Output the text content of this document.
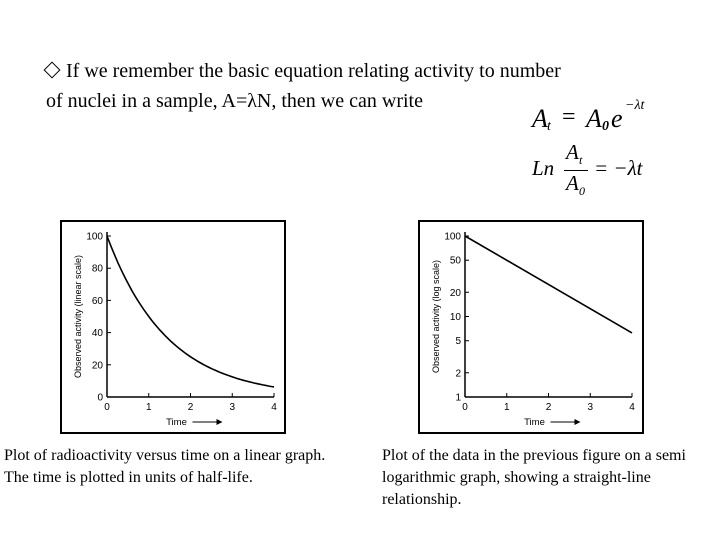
If we remember the basic equation relating activity to number
of nuclei in a sample, A=λN, then we can write
A t = A 0 e −λt
Ln
A t
A 0
= −λt
0
20
40
60
80
100
0	1	2	3	4
Time
Observed activity (linear scale)
1
2
5
10
20
50
100
0	1	2	3	4
Time
Observed activity (log scale)
Plot of radioactivity versus time on a linear graph. The time is plotted in units of half-life.
Plot of the data in the previous figure on a semi logarithmic graph, showing a straight-line relationship.
